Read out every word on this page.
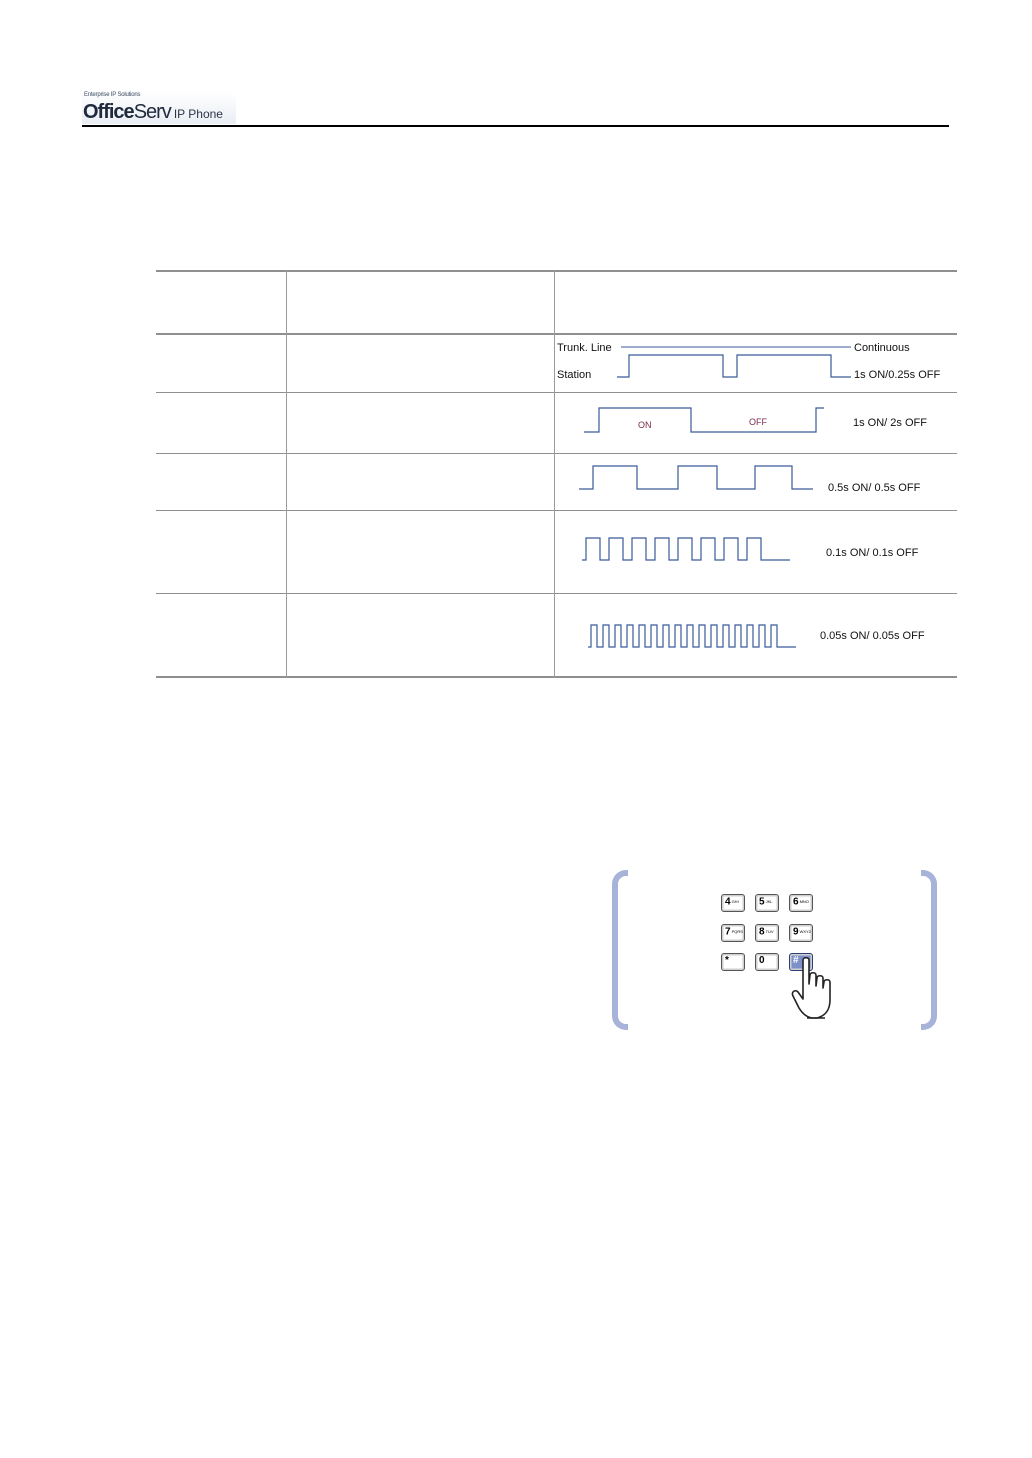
Enterprise IP Solutions
OfficeServ IP Phone
Trunk. Line
Station
Continuous
1s ON/0.25s OFF
ON	OFF	1s ON/ 2s OFF
0.5s ON/ 0.5s OFF
0.1s ON/ 0.1s OFF
0.05s ON/ 0.05s OFF
4GHI	5JKL	6MNO
7PQRS	8TUV	9WXYZ
*	0	#
